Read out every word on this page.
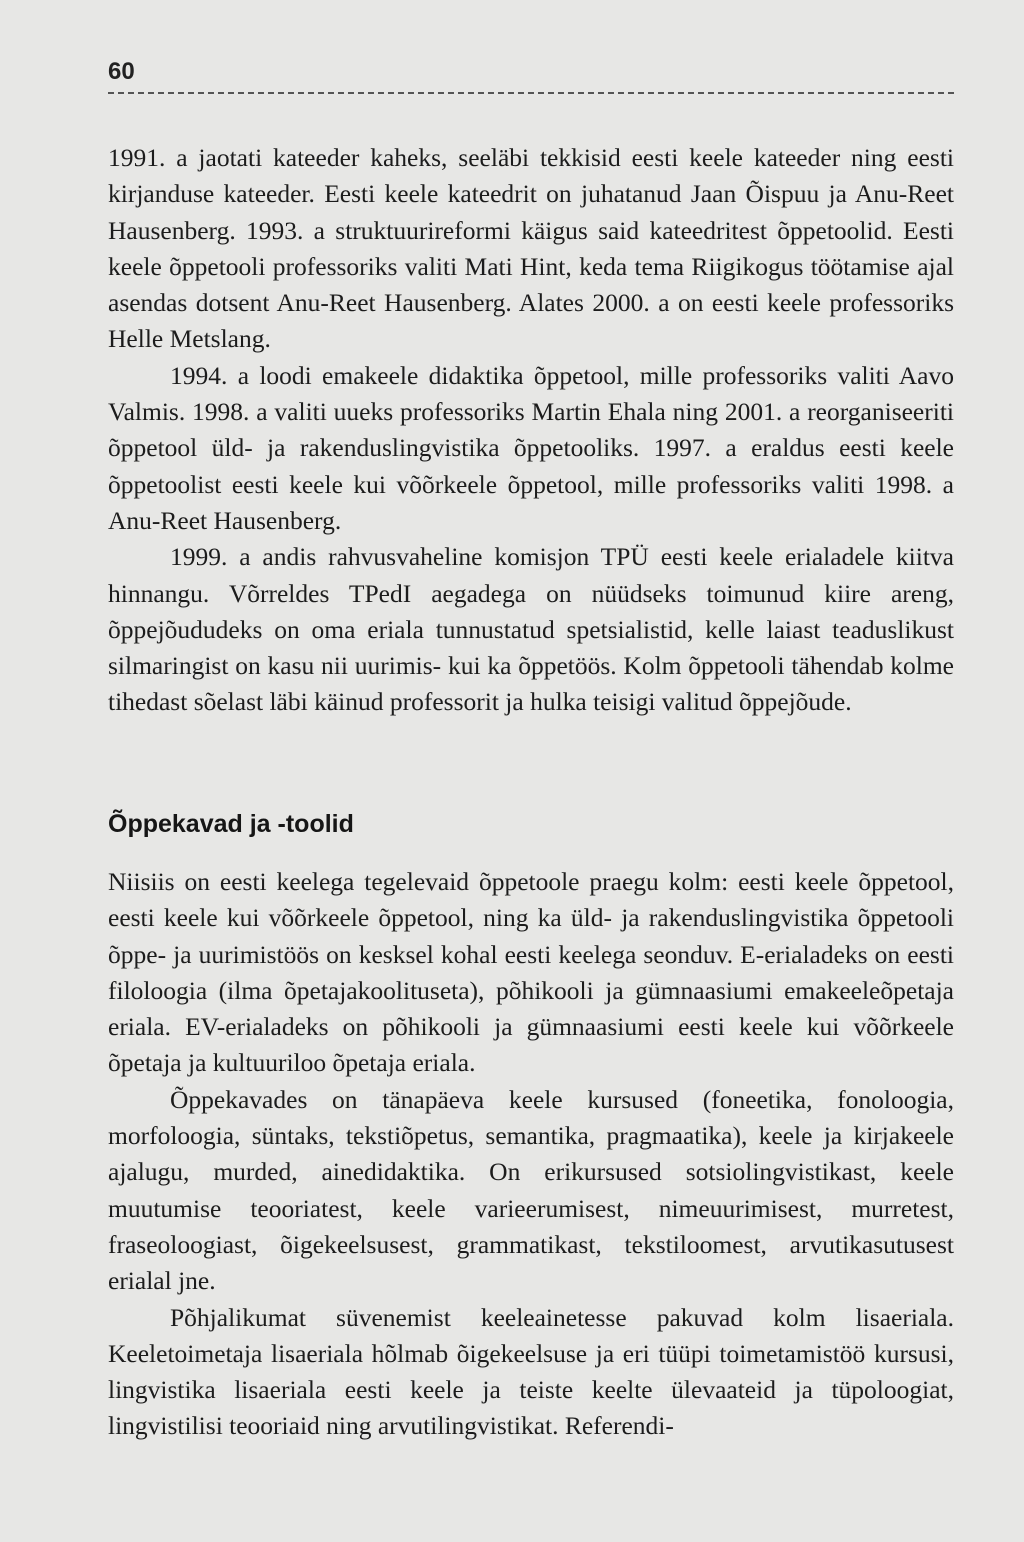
60

1991. a jaotati kateeder kaheks, seeläbi tekkisid eesti keele kateeder ning eesti kirjanduse kateeder. Eesti keele kateedrit on juhatanud Jaan Õispuu ja Anu-Reet Hausenberg. 1993. a struktuurireformi käigus said kateedritest õppetoolid. Eesti keele õppetooli professoriks valiti Mati Hint, keda tema Riigikogus töötamise ajal asendas dotsent Anu-Reet Hausenberg. Alates 2000. a on eesti keele professoriks Helle Metslang.

1994. a loodi emakeele didaktika õppetool, mille professoriks valiti Aavo Valmis. 1998. a valiti uueks professoriks Martin Ehala ning 2001. a reorganiseeriti õppetool üld- ja rakenduslingvistika õppetooliks. 1997. a eraldus eesti keele õppetoolist eesti keele kui võõrkeele õppetool, mille professoriks valiti 1998. a Anu-Reet Hausenberg.

1999. a andis rahvusvaheline komisjon TPÜ eesti keele erialadele kiitva hinnangu. Võrreldes TPedI aegadega on nüüdseks toimunud kiire areng, õppejõududeks on oma eriala tunnustatud spetsialistid, kelle laiast teaduslikust silmaringist on kasu nii uurimis- kui ka õppetöös. Kolm õppetooli tähendab kolme tihedast sõelast läbi käinud professorit ja hulka teisigi valitud õppejõude.

Õppekavad ja -toolid

Niisiis on eesti keelega tegelevaid õppetoole praegu kolm: eesti keele õppetool, eesti keele kui võõrkeele õppetool, ning ka üld- ja rakenduslingvistika õppetooli õppe- ja uurimistöös on kesksel kohal eesti keelega seonduv. E-erialadeks on eesti filoloogia (ilma õpetajakoolituseta), põhikooli ja gümnaasiumi emakeeleõpetaja eriala. EV-erialadeks on põhikooli ja gümnaasiumi eesti keele kui võõrkeele õpetaja ja kultuuriloo õpetaja eriala.

Õppekavades on tänapäeva keele kursused (foneetika, fonoloogia, morfoloogia, süntaks, tekstiõpetus, semantika, pragmaatika), keele ja kirjakeele ajalugu, murded, ainedidaktika. On erikursused sotsiolingvistikast, keele muutumise teooriatest, keele varieerumisest, nimeuurimisest, murretest, fraseoloogiast, õigekeelsusest, grammatikast, tekstiloomest, arvutikasutusest erialal jne.

Põhjalikumat süvenemist keeleainetesse pakuvad kolm lisaeriala. Keeletoimetaja lisaeriala hõlmab õigekeelsuse ja eri tüüpi toimetamistöö kursusi, lingvistika lisaeriala eesti keele ja teiste keelte ülevaateid ja tüpoloogiat, lingvistilisi teooriaid ning arvutilingvistikat. Referendi-
